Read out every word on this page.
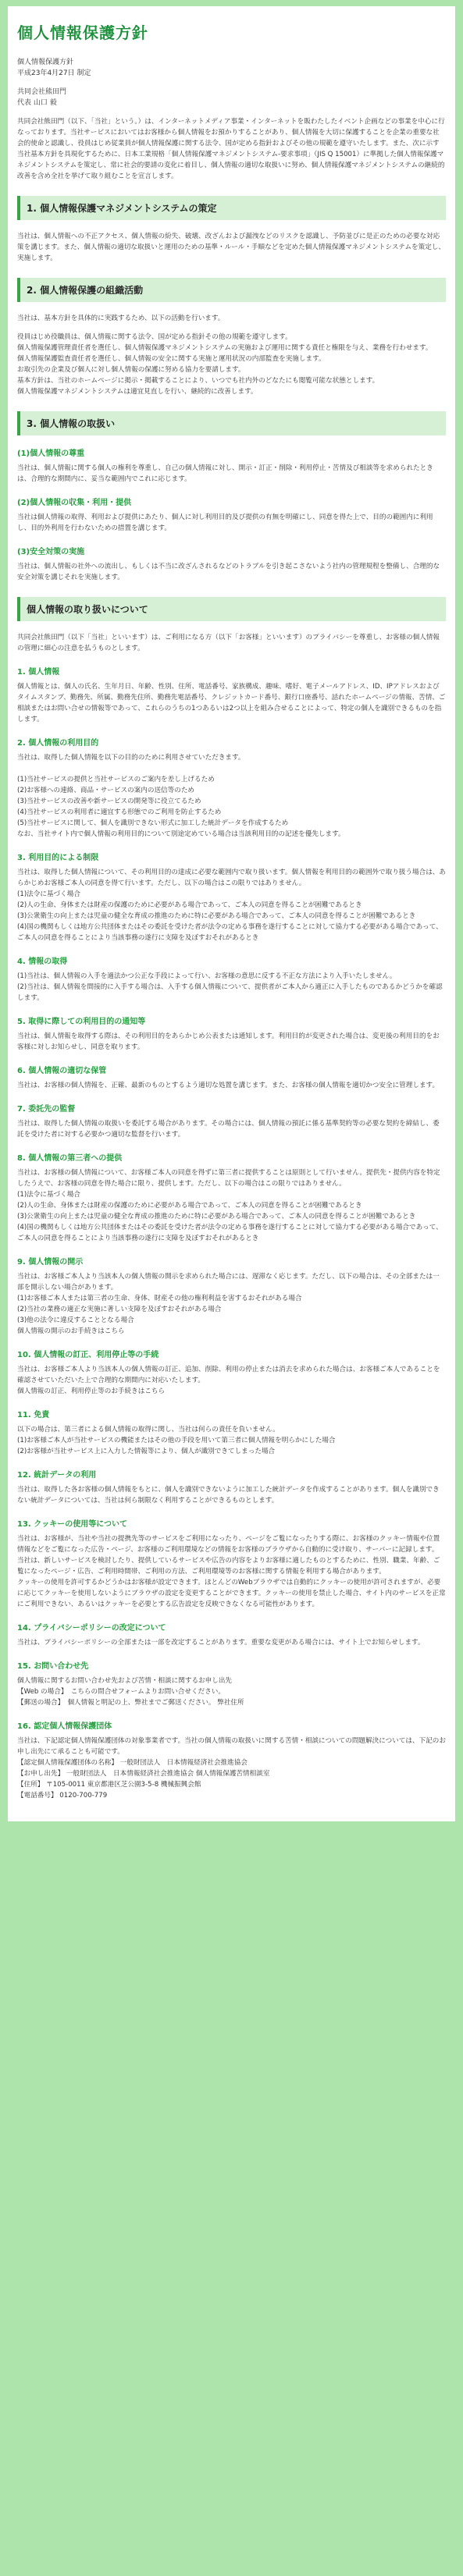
個人情報保護方針

個人情報保護方針

平成23年4月27日 制定

共同会社熊田門

代表 山口 毅

共同会社熊田門（以下、「当社」という。）は、インターネットメディア事業・インターネットを販わたしたイベント企画などの事業を中心に行なっております。当社サービスにおいてはお客様から個人情報をお預かりすることがあり、個人情報を大切に保護することを企業の重要な社会的使命と認識し、役員はじめ従業員が個人情報保護に関する法令、国が定める指針およびその他の規範を遵守いたします。また、次に示す当社基本方針を具現化するために、日本工業規格「個人情報保護マネジメントシステム-要求事項」（JIS Q 15001）に準拠した個人情報保護マネジメントシステムを策定し、常に社会的要請の変化に着目し、個人情報の適切な取扱いに努め、個人情報保護マネジメントシステムの継続的改善を含め全社を挙げて取り組むことを宣言します。

1. 個人情報保護マネジメントシステムの策定

当社は、個人情報への不正アクセス、個人情報の紛失、破壊、改ざんおよび漏洩などのリスクを認識し、予防並びに是正のための必要な対応策を講じます。また、個人情報の適切な取扱いと運用のための基準・ルール・手順などを定めた個人情報保護マネジメントシステムを策定し、実施します。

2. 個人情報保護の組織活動

当社は、基本方針を具体的に実践するため、以下の活動を行います。

役員はじめ役職員は、個人情報に関する法令、国が定める指針その他の規範を遵守します。

個人情報保護管理責任者を選任し、個人情報保護マネジメントシステムの実施および運用に関する責任と権限を与え、業務を行わせます。

個人情報保護監査責任者を選任し、個人情報の安全に関する実施と運用状況の内部監査を実施します。

お取引先の企業及び個人に対し個人情報の保護に努める協力を要請します。

基本方針は、当社のホームページに掲示・掲載することにより、いつでも社内外のどなたにも閲覧可能な状態とします。

個人情報保護マネジメントシステムは適宜見直しを行い、継続的に改善します。

3. 個人情報の取扱い
(1)個人情報の尊重

当社は、個人情報に関する個人の権利を尊重し、自己の個人情報に対し、開示・訂正・削除・利用停止・苦情及び相談等を求められたときは、合理的な期間内に、妥当な範囲内でこれに応じます。

(2)個人情報の収集・利用・提供

当社は個人情報の取得、利用および提供にあたり、個人に対し利用目的及び提供の有無を明確にし、同意を得た上で、目的の範囲内に利用し、目的外利用を行わないための措置を講じます。

(3)安全対策の実施

当社は、個人情報の社外への流出し、もしくは不当に改ざんされるなどのトラブルを引き起こさないよう社内の管理規程を整備し、合理的な安全対策を講じそれを実施します。

個人情報の取り扱いについて

共同会社熊田門（以下「当社」といいます）は、ご利用になる方（以下「お客様」といいます）のプライバシーを尊重し、お客様の個人情報の管理に細心の注意を払うものとします。

1. 個人情報

個人情報とは、個人の氏名、生年月日、年齢、性別、住所、電話番号、家族構成、趣味、嗜好、電子メールアドレス、ID、IPアドレスおよびタイムスタンプ、勤務先、所属、勤務先住所、勤務先電話番号、クレジットカード番号、銀行口座番号、話れたホームページの情報、苦情、ご相談またはお問い合せの情報等であって、これらのうちの1つあるいは2つ以上を組み合せることによって、特定の個人を識別できるものを指します。

2. 個人情報の利用目的

当社は、取得した個人情報を以下の目的のために利用させていただきます。

(1)当社サービスの提供と当社サービスのご案内を差し上げるため
(2)お客様への連絡、商品・サービスの案内の送信等のため
(3)当社サービスの改善や新サービスの開発等に役立てるため
(4)当社サービスの利用者に適宜する形態でのご利用を防止するため
(5)当社サービスに関して、個人を識別できない形式に加工した統計データを作成するため
なお、当社サイト内で個人情報の利用目的について別途定めている場合は当該利用目的の記述を優先します。

3. 利用目的による制限

当社は、取得した個人情報について、その利用目的の達成に必要な範囲内で取り扱います。個人情報を利用目的の範囲外で取り扱う場合は、あらかじめお客様ご本人の同意を得て行います。ただし、以下の場合はこの限りではありません。
(1)法令に基づく場合
(2)人の生命、身体または財産の保護のために必要がある場合であって、ご本人の同意を得ることが困難であるとき
(3)公衆衛生の向上または児童の健全な育成の推進のために特に必要がある場合であって、ご本人の同意を得ることが困難であるとき
(4)国の機関もしくは地方公共団体またはその委託を受けた者が法令の定める事務を遂行することに対して協力する必要がある場合であって、ご本人の同意を得ることにより当該事務の遂行に支障を及ぼすおそれがあるとき

4. 情報の取得

(1)当社は、個人情報の入手を適法かつ公正な手段によって行い、お客様の意思に反する不正な方法により入手いたしません。
(2)当社は、個人情報を間接的に入手する場合は、入手する個人情報について、提供者がご本人から適正に入手したものであるかどうかを確認します。

5. 取得に際しての利用目的の通知等

当社は、個人情報を取得する際は、その利用目的をあらかじめ公表または通知します。利用目的が変更された場合は、変更後の利用目的をお客様に対しお知らせし、同意を取ります。

6. 個人情報の適切な保管

当社は、お客様の個人情報を、正確、最新のものとするよう適切な処置を講じます。また、お客様の個人情報を適切かつ安全に管理します。

7. 委託先の監督

当社は、取得した個人情報の取扱いを委託する場合があります。その場合には、個人情報の預託に係る基準契約等の必要な契約を締結し、委託を受けた者に対する必要かつ適切な監督を行います。

8. 個人情報の第三者への提供

当社は、お客様の個人情報について、お客様ご本人の同意を得ずに第三者に提供することは原則として行いません。提供先・提供内容を特定したうえで、お客様の同意を得た場合に限り、提供します。ただし、以下の場合はこの限りではありません。
(1)法令に基づく場合
(2)人の生命、身体または財産の保護のために必要がある場合であって、ご本人の同意を得ることが困難であるとき
(3)公衆衛生の向上または児童の健全な育成の推進のために特に必要がある場合であって、ご本人の同意を得ることが困難であるとき
(4)国の機関もしくは地方公共団体またはその委託を受けた者が法令の定める事務を遂行することに対して協力する必要がある場合であって、ご本人の同意を得ることにより当該事務の遂行に支障を及ぼすおそれがあるとき

9. 個人情報の開示

当社は、お客様ご本人より当該本人の個人情報の開示を求められた場合には、遅滞なく応じます。ただし、以下の場合は、その全部または一部を開示しない場合があります。
(1)お客様ご本人または第三者の生命、身体、財産その他の権利利益を害するおそれがある場合
(2)当社の業務の適正な実施に著しい支障を及ぼすおそれがある場合
(3)他の法令に違反することとなる場合
個人情報の開示のお手続きはこちら

10. 個人情報の訂正、利用停止等の手続

当社は、お客様ご本人より当該本人の個人情報の訂正、追加、削除、利用の停止または消去を求められた場合は、お客様ご本人であることを確認させていただいた上で合理的な期間内に対応いたします。
個人情報の訂正、利用停止等のお手続きはこちら

11. 免責

以下の場合は、第三者による個人情報の取得に関し、当社は何らの責任を負いません。
(1)お客様ご本人が当社サービスの機能またはその他の手段を用いて第三者に個人情報を明らかにした場合
(2)お客様が当社サービス上に入力した情報等により、個人が識別できてしまった場合

12. 統計データの利用

当社は、取得した各お客様の個人情報をもとに、個人を識別できないように加工した統計データを作成することがあります。個人を識別できない統計データについては、当社は何ら制限なく利用することができるものとします。

13. クッキーの使用等について

当社は、お客様が、当社や当社の提携先等のサービスをご利用になったり、ページをご覧になったりする際に、お客様のクッキー情報や位置情報などをご覧になった広告・ページ、お客様のご利用環境などの情報をお客様のブラウザから自動的に受け取り、サーバーに記録します。
当社は、新しいサービスを検討したり、提供しているサービスや広告の内容をよりお客様に適したものとするために、性別、職業、年齢、ご覧になったページ・広告、ご利用時間帯、ご利用の方法、ご利用環境等のお客様に関する情報を利用する場合があります。
クッキーの使用を許可するかどうかはお客様が設定できます。ほとんどのWebブラウザでは自動的にクッキーの使用が許可されますが、必要に応じてクッキーを使用しないようにブラウザの設定を変更することができます。クッキーの使用を禁止した場合、サイト内のサービスを正常にご利用できない、あるいはクッキーを必要とする広告設定を反映できなくなる可能性があります。

14. プライバシーポリシーの改定について

当社は、プライバシーポリシーの全部または一部を改定することがあります。重要な変更がある場合には、サイト上でお知らせします。

15. お問い合わせ先

個人情報に関するお問い合わせ先および苦情・相談に関するお申し出先
【Web の場合】　こちらの問合せフォームよりお問い合せください。
【郵送の場合】　個人情報と明記の上、弊社までご郵送ください。 弊社住所

16. 認定個人情報保護団体

当社は、下記認定個人情報保護団体の対象事業者です。当社の個人情報の取扱いに関する苦情・相談についての問題解決については、下記のお申し出先にて承ることも可能です。
【認定個人情報保護団体の名称】 一般財団法人　日本情報経済社会推進協会
【お申し出先】 一般財団法人　日本情報経済社会推進協会 個人情報保護苦情相談室
【住所】 〒105-0011 東京都港区芝公園3-5-8 機械振興会館
【電話番号】 0120-700-779
